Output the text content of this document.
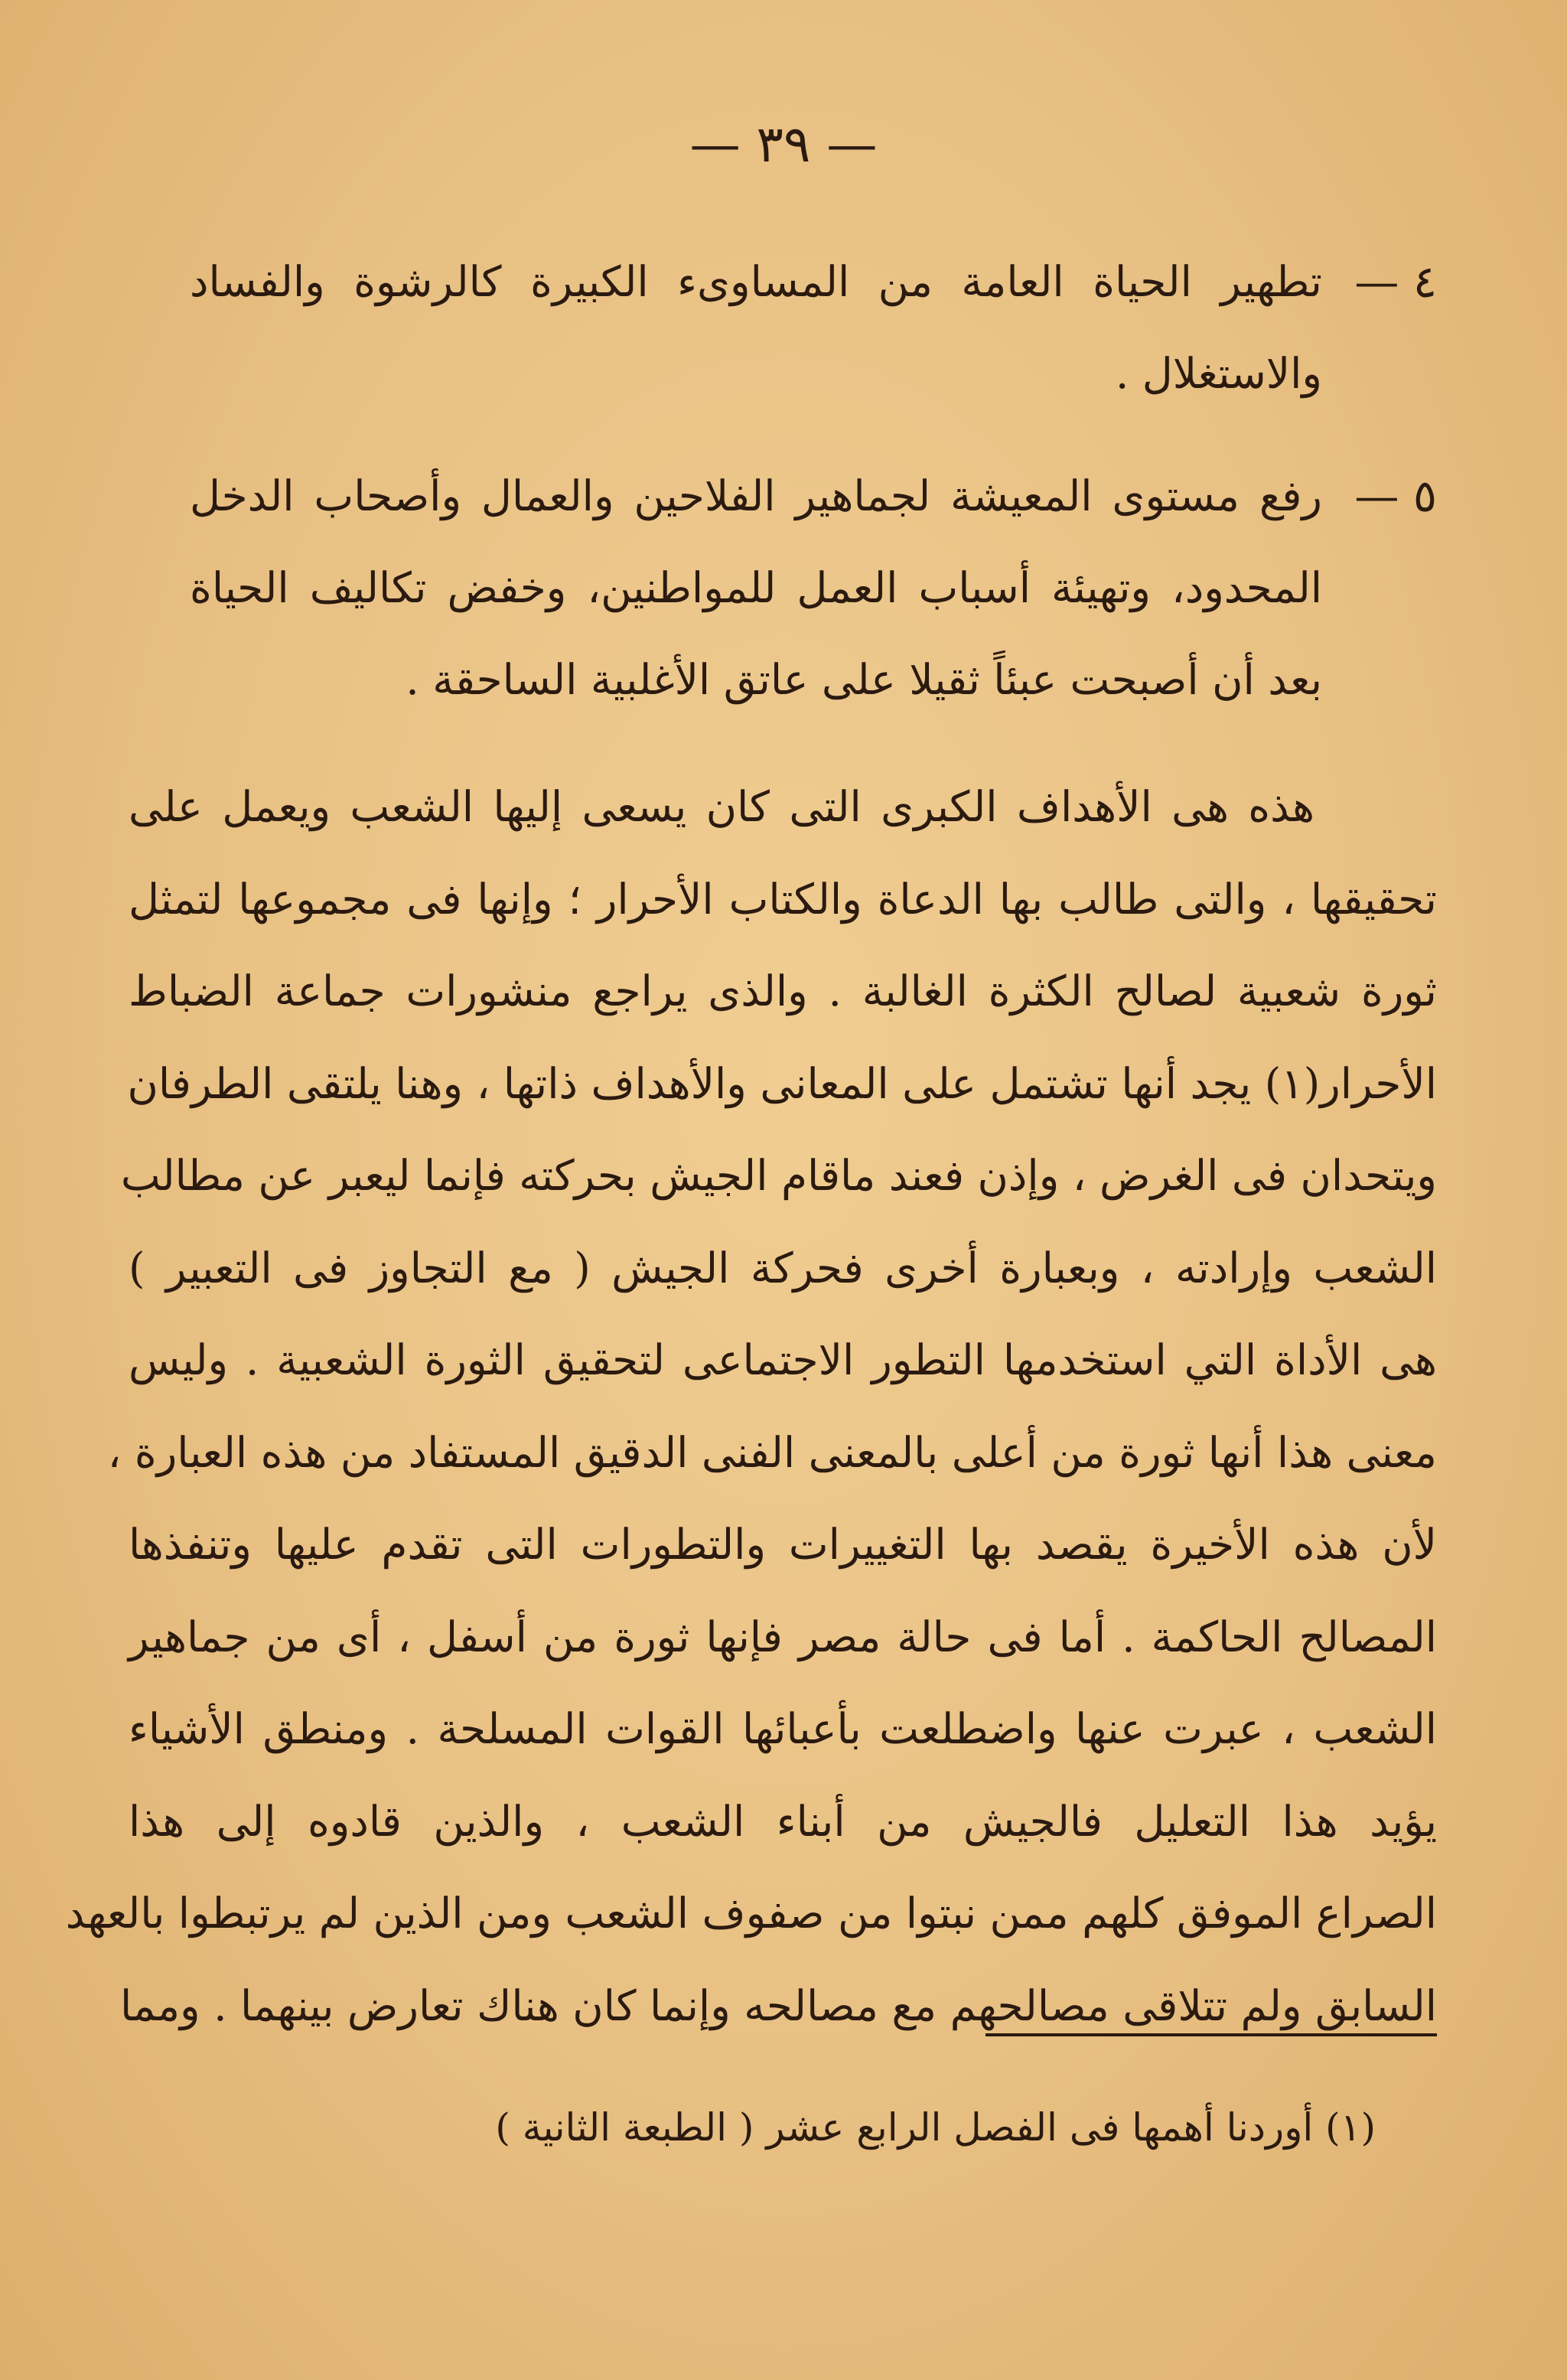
— ٣٩ —
٤ —
تطهير الحياة العامة من المساوىء الكبيرة كالرشوة والفساد
والاستغلال .
٥ —
رفع مستوى المعيشة لجماهير الفلاحين والعمال وأصحاب الدخل
المحدود، وتهيئة أسباب العمل للمواطنين، وخفض تكاليف الحياة
بعد أن أصبحت عبئاً ثقيلا على عاتق الأغلبية الساحقة .
هذه هى الأهداف الكبرى التى كان يسعى إليها الشعب ويعمل على
تحقيقها ، والتى طالب بها الدعاة والكتاب الأحرار ؛ وإنها فى مجموعها لتمثل
ثورة شعبية لصالح الكثرة الغالبة . والذى يراجع منشورات جماعة الضباط
الأحرار(١) يجد أنها تشتمل على المعانى والأهداف ذاتها ، وهنا يلتقى الطرفان
ويتحدان فى الغرض ، وإذن فعند ماقام الجيش بحركته فإنما ليعبر عن مطالب
الشعب وإرادته ، وبعبارة أخرى فحركة الجيش ( مع التجاوز فى التعبير )
هى الأداة التي استخدمها التطور الاجتماعى لتحقيق الثورة الشعبية . وليس
معنى هذا أنها ثورة من أعلى بالمعنى الفنى الدقيق المستفاد من هذه العبارة ،
لأن هذه الأخيرة يقصد بها التغييرات والتطورات التى تقدم عليها وتنفذها
المصالح الحاكمة . أما فى حالة مصر فإنها ثورة من أسفل ، أى من جماهير
الشعب ، عبرت عنها واضطلعت بأعبائها القوات المسلحة . ومنطق الأشياء
يؤيد هذا التعليل فالجيش من أبناء الشعب ، والذين قادوه إلى هذا
الصراع الموفق كلهم ممن نبتوا من صفوف الشعب ومن الذين لم يرتبطوا بالعهد
السابق ولم تتلاقى مصالحهم مع مصالحه وإنما كان هناك تعارض بينهما . ومما
(١) أوردنا أهمها فى الفصل الرابع عشر ( الطبعة الثانية )
